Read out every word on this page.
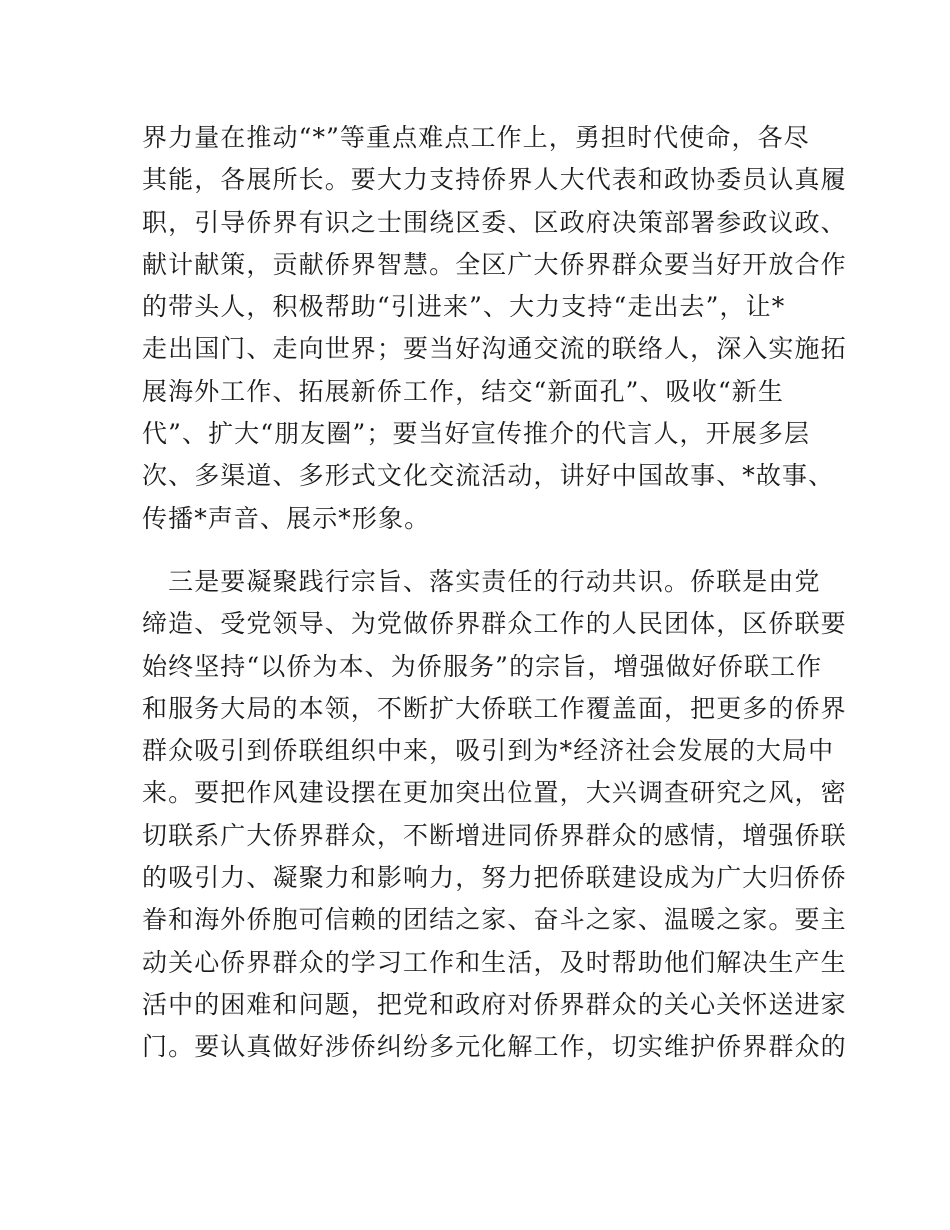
界力量在推动“*”等重点难点工作上，勇担时代使命，各尽
其能，各展所长。要大力支持侨界人大代表和政协委员认真履
职，引导侨界有识之士围绕区委、区政府决策部署参政议政、
献计献策，贡献侨界智慧。全区广大侨界群众要当好开放合作
的带头人，积极帮助“引进来”、大力支持“走出去”，让*
走出国门、走向世界；要当好沟通交流的联络人，深入实施拓
展海外工作、拓展新侨工作，结交“新面孔”、吸收“新生
代”、扩大“朋友圈”；要当好宣传推介的代言人，开展多层
次、多渠道、多形式文化交流活动，讲好中国故事、*故事、
传播*声音、展示*形象。
　三是要凝聚践行宗旨、落实责任的行动共识。侨联是由党
缔造、受党领导、为党做侨界群众工作的人民团体，区侨联要
始终坚持“以侨为本、为侨服务”的宗旨，增强做好侨联工作
和服务大局的本领，不断扩大侨联工作覆盖面，把更多的侨界
群众吸引到侨联组织中来，吸引到为*经济社会发展的大局中
来。要把作风建设摆在更加突出位置，大兴调查研究之风，密
切联系广大侨界群众，不断增进同侨界群众的感情，增强侨联
的吸引力、凝聚力和影响力，努力把侨联建设成为广大归侨侨
眷和海外侨胞可信赖的团结之家、奋斗之家、温暖之家。要主
动关心侨界群众的学习工作和生活，及时帮助他们解决生产生
活中的困难和问题，把党和政府对侨界群众的关心关怀送进家
门。要认真做好涉侨纠纷多元化解工作，切实维护侨界群众的
